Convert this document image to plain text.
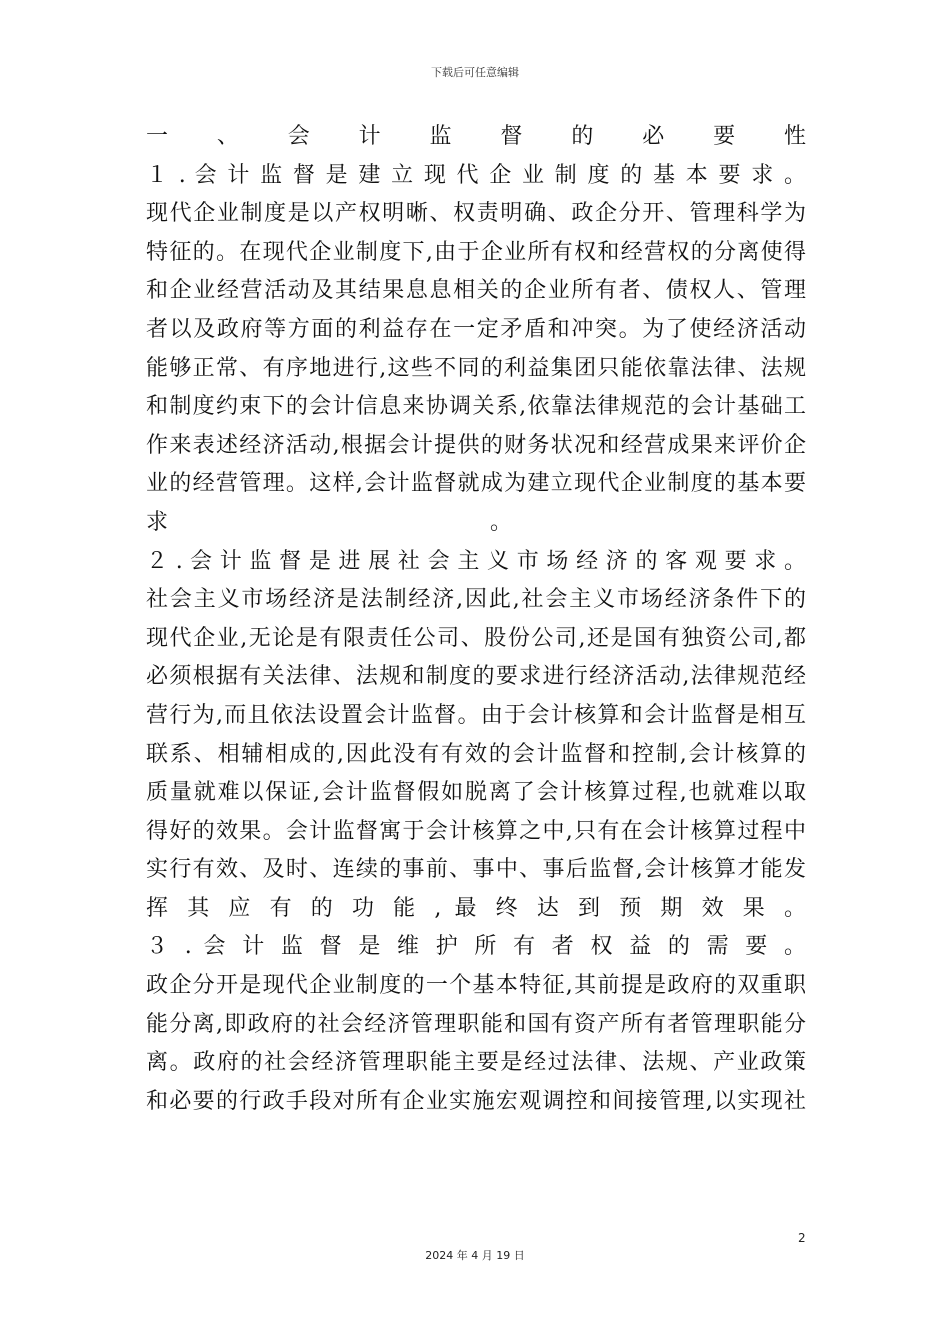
下载后可任意编辑
一 、 会 计 监 督 的 必 要 性
１ . 会 计 监 督 是 建 立 现 代 企 业 制 度 的 基 本 要 求 。
现代企业制度是以产权明晰、权责明确、政企分开、管理科学为
特征的。在现代企业制度下,由于企业所有权和经营权的分离使得
和企业经营活动及其结果息息相关的企业所有者、债权人、管理
者以及政府等方面的利益存在一定矛盾和冲突。为了使经济活动
能够正常、有序地进行,这些不同的利益集团只能依靠法律、法规
和制度约束下的会计信息来协调关系,依靠法律规范的会计基础工
作来表述经济活动,根据会计提供的财务状况和经营成果来评价企
业的经营管理。这样,会计监督就成为建立现代企业制度的基本要
求	。
２ . 会 计 监 督 是 进 展 社 会 主 义 市 场 经 济 的 客 观 要 求 。
社会主义市场经济是法制经济,因此,社会主义市场经济条件下的
现代企业,无论是有限责任公司、股份公司,还是国有独资公司,都
必须根据有关法律、法规和制度的要求进行经济活动,法律规范经
营行为,而且依法设置会计监督。由于会计核算和会计监督是相互
联系、相辅相成的,因此没有有效的会计监督和控制,会计核算的
质量就难以保证,会计监督假如脱离了会计核算过程,也就难以取
得好的效果。会计监督寓于会计核算之中,只有在会计核算过程中
实行有效、及时、连续的事前、事中、事后监督,会计核算才能发
挥 其 应 有 的 功 能 , 最 终 达 到 预 期 效 果 。
３ . 会 计 监 督 是 维 护 所 有 者 权 益 的 需 要 。
政企分开是现代企业制度的一个基本特征,其前提是政府的双重职
能分离,即政府的社会经济管理职能和国有资产所有者管理职能分
离。政府的社会经济管理职能主要是经过法律、法规、产业政策
和必要的行政手段对所有企业实施宏观调控和间接管理,以实现社
2
2024 年 4 月 19 日
